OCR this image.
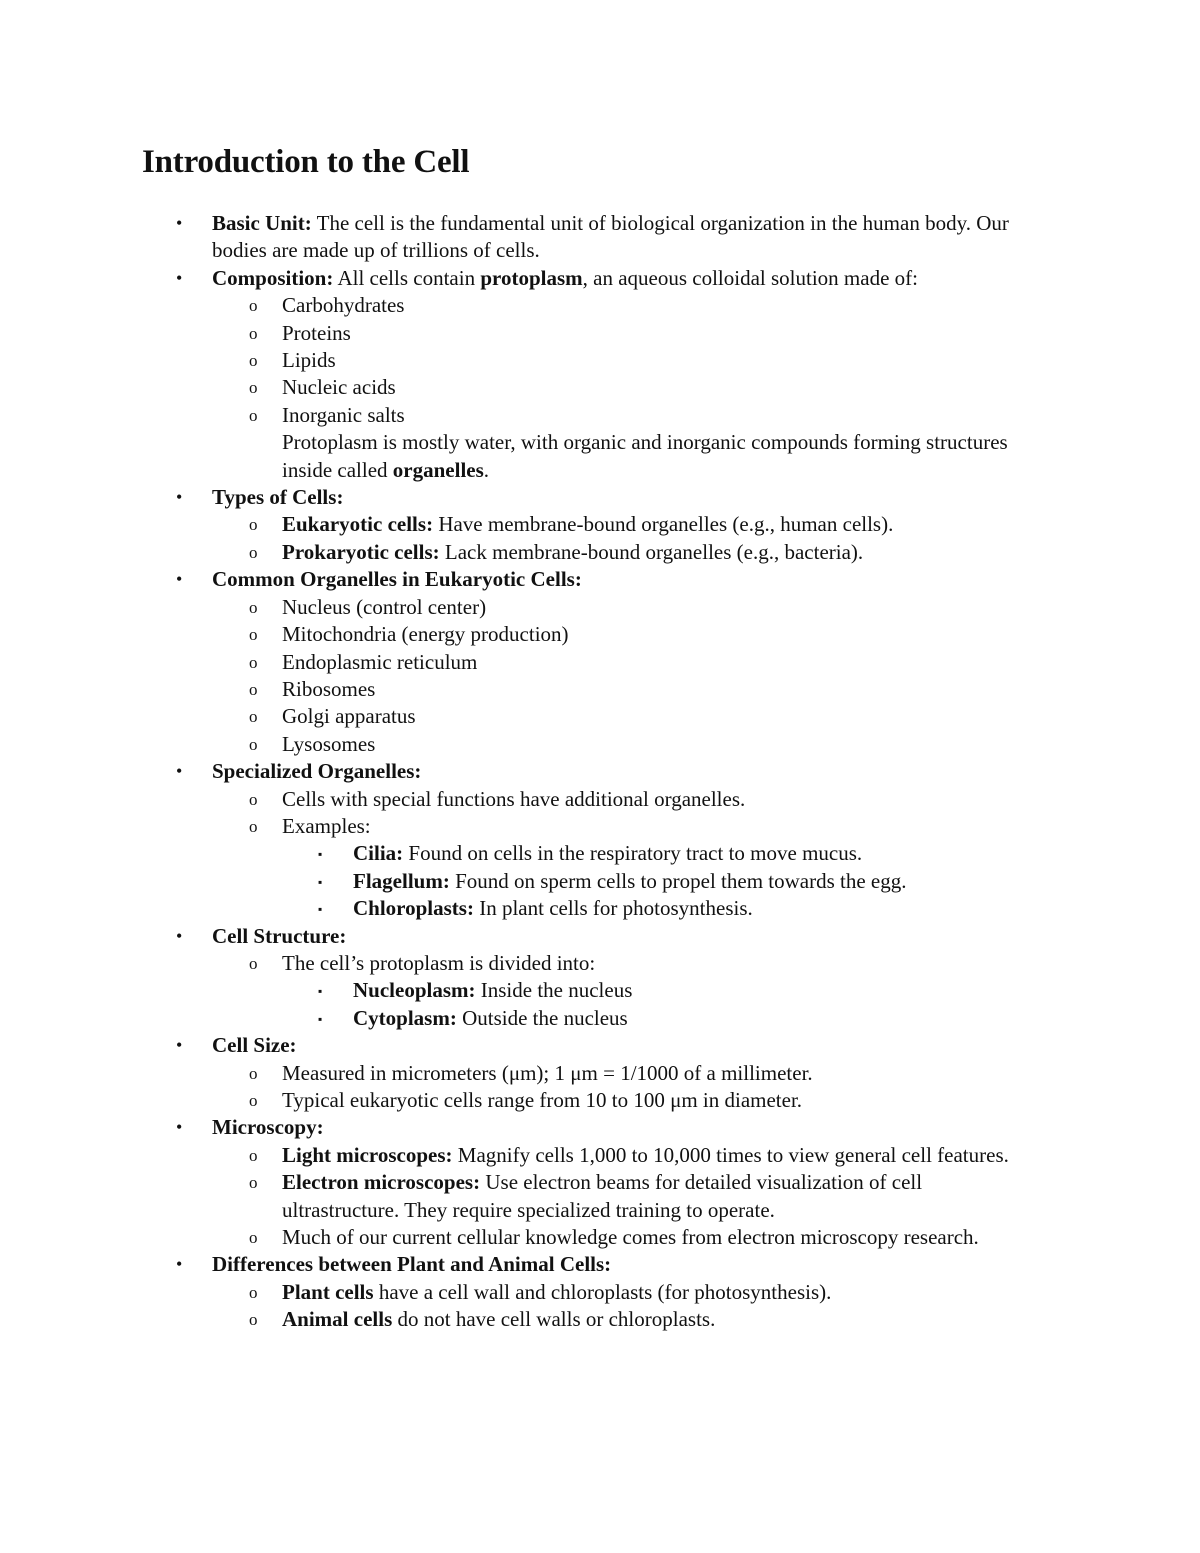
Introduction to the Cell
• Basic Unit: The cell is the fundamental unit of biological organization in the human body. Our bodies are made up of trillions of cells.
• Composition: All cells contain protoplasm, an aqueous colloidal solution made of:
o Carbohydrates
o Proteins
o Lipids
o Nucleic acids
o Inorganic salts
Protoplasm is mostly water, with organic and inorganic compounds forming structures inside called organelles.
• Types of Cells:
o Eukaryotic cells: Have membrane-bound organelles (e.g., human cells).
o Prokaryotic cells: Lack membrane-bound organelles (e.g., bacteria).
• Common Organelles in Eukaryotic Cells:
o Nucleus (control center)
o Mitochondria (energy production)
o Endoplasmic reticulum
o Ribosomes
o Golgi apparatus
o Lysosomes
• Specialized Organelles:
o Cells with special functions have additional organelles.
o Examples:
▪ Cilia: Found on cells in the respiratory tract to move mucus.
▪ Flagellum: Found on sperm cells to propel them towards the egg.
▪ Chloroplasts: In plant cells for photosynthesis.
• Cell Structure:
o The cell’s protoplasm is divided into:
▪ Nucleoplasm: Inside the nucleus
▪ Cytoplasm: Outside the nucleus
• Cell Size:
o Measured in micrometers (μm); 1 μm = 1/1000 of a millimeter.
o Typical eukaryotic cells range from 10 to 100 μm in diameter.
• Microscopy:
o Light microscopes: Magnify cells 1,000 to 10,000 times to view general cell features.
o Electron microscopes: Use electron beams for detailed visualization of cell ultrastructure. They require specialized training to operate.
o Much of our current cellular knowledge comes from electron microscopy research.
• Differences between Plant and Animal Cells:
o Plant cells have a cell wall and chloroplasts (for photosynthesis).
o Animal cells do not have cell walls or chloroplasts.
